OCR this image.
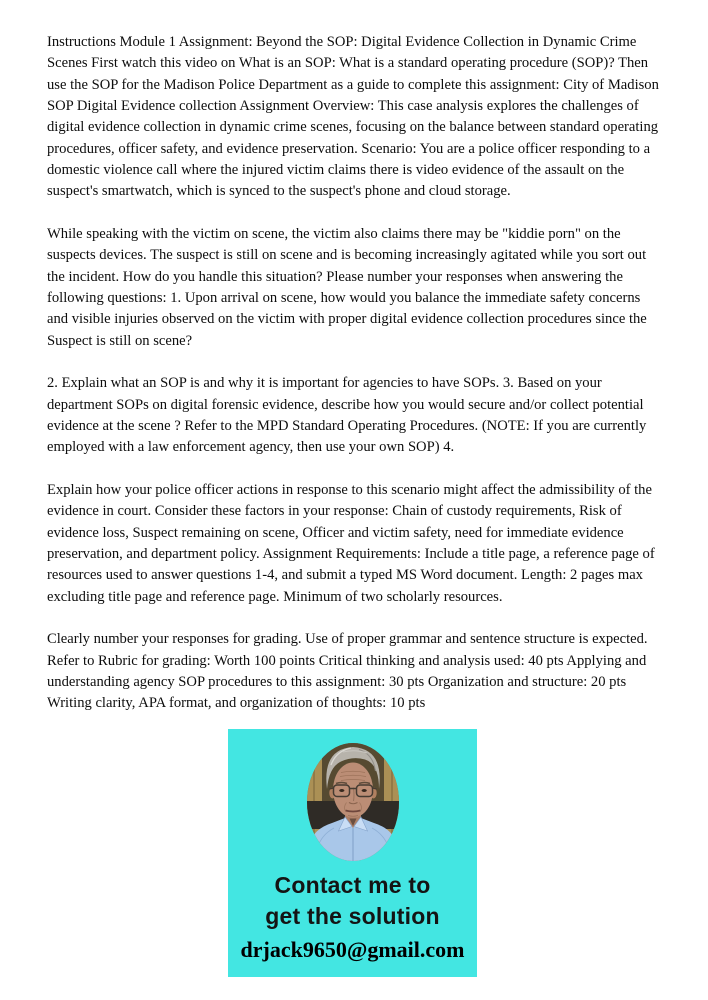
Instructions Module 1 Assignment: Beyond the SOP: Digital Evidence Collection in Dynamic Crime Scenes First watch this video on What is an SOP: What is a standard operating procedure (SOP)? Then use the SOP for the Madison Police Department as a guide to complete this assignment: City of Madison SOP Digital Evidence collection Assignment Overview: This case analysis explores the challenges of digital evidence collection in dynamic crime scenes, focusing on the balance between standard operating procedures, officer safety, and evidence preservation. Scenario: You are a police officer responding to a domestic violence call where the injured victim claims there is video evidence of the assault on the suspect's smartwatch, which is synced to the suspect's phone and cloud storage.

While speaking with the victim on scene, the victim also claims there may be "kiddie porn" on the suspects devices. The suspect is still on scene and is becoming increasingly agitated while you sort out the incident. How do you handle this situation? Please number your responses when answering the following questions: 1. Upon arrival on scene, how would you balance the immediate safety concerns and visible injuries observed on the victim with proper digital evidence collection procedures since the Suspect is still on scene?

2. Explain what an SOP is and why it is important for agencies to have SOPs. 3. Based on your department SOPs on digital forensic evidence, describe how you would secure and/or collect potential evidence at the scene ? Refer to the MPD Standard Operating Procedures. (NOTE: If you are currently employed with a law enforcement agency, then use your own SOP) 4.

Explain how your police officer actions in response to this scenario might affect the admissibility of the evidence in court. Consider these factors in your response: Chain of custody requirements, Risk of evidence loss, Suspect remaining on scene, Officer and victim safety, need for immediate evidence preservation, and department policy. Assignment Requirements: Include a title page, a reference page of resources used to answer questions 1-4, and submit a typed MS Word document. Length: 2 pages max excluding title page and reference page. Minimum of two scholarly resources.

Clearly number your responses for grading. Use of proper grammar and sentence structure is expected. Refer to Rubric for grading: Worth 100 points Critical thinking and analysis used: 40 pts Applying and understanding agency SOP procedures to this assignment: 30 pts Organization and structure: 20 pts Writing clarity, APA format, and organization of thoughts: 10 pts

Contact me to
get the solution
drjack9650@gmail.com
